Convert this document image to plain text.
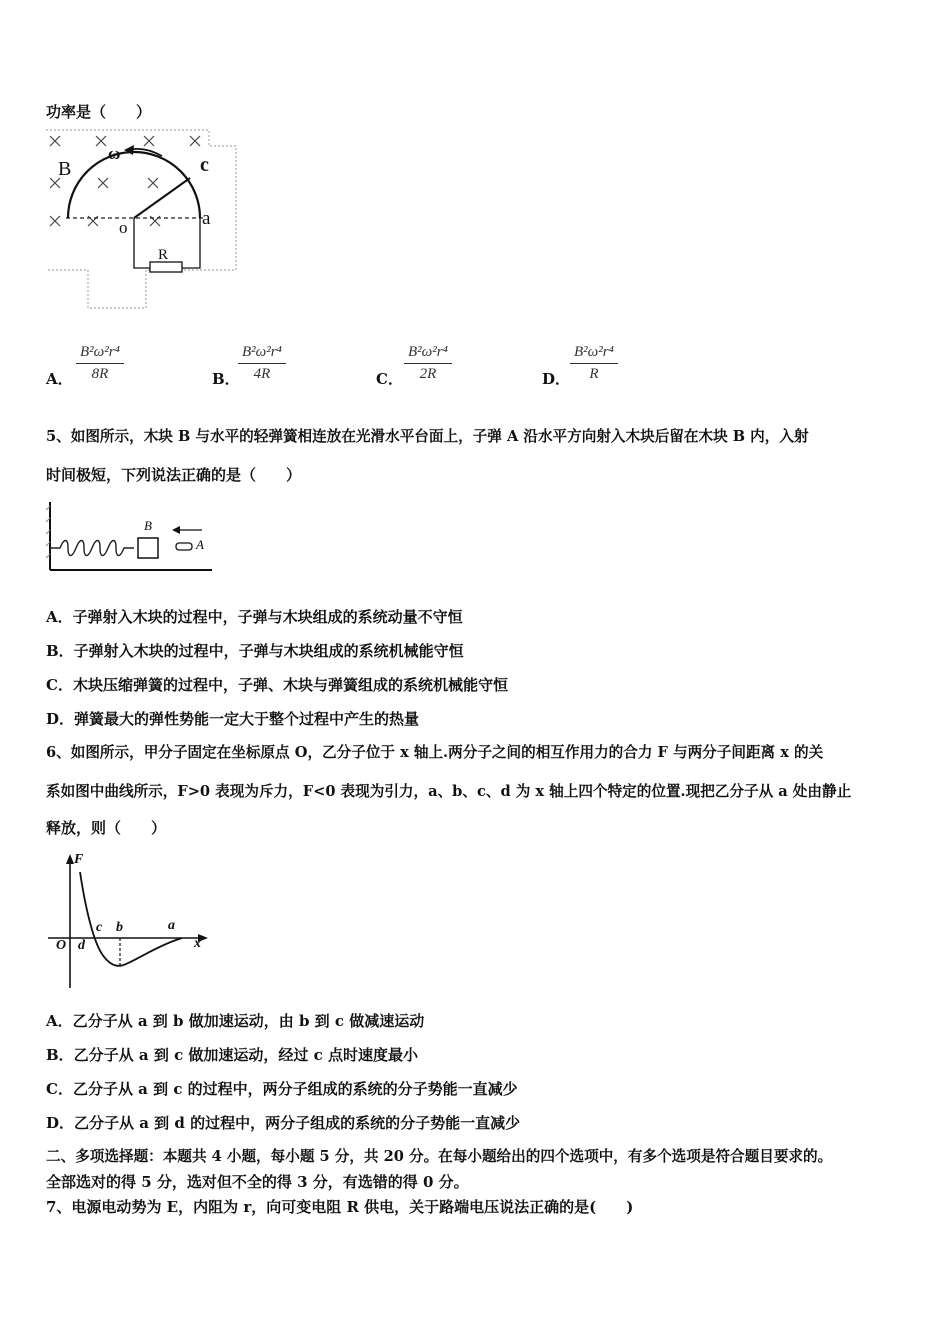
功率是（　　）
B
ω
c
o	a
R
A． $\frac{\text{B²ω²r⁴}}{8R}$	B．
$\frac{\text{B²ω²r⁴}}{4R}$	C． $\frac{\text{B²ω²r⁴}}{2R}$	D． $\frac{\text{B²ω²r⁴}}{R}$
5、如图所示，木块 B 与水平的轻弹簧相连放在光滑水平台面上，子弹 A 沿水平方向射入木块后留在木块 B 内，入射
时间极短，下列说法正确的是（　　）
B
A
A．子弹射入木块的过程中，子弹与木块组成的系统动量不守恒
B．子弹射入木块的过程中，子弹与木块组成的系统机械能守恒
C．木块压缩弹簧的过程中，子弹、木块与弹簧组成的系统机械能守恒
D．弹簧最大的弹性势能一定大于整个过程中产生的热量
6、如图所示，甲分子固定在坐标原点 O，乙分子位于 x 轴上.两分子之间的相互作用力的合力 F 与两分子间距离 x 的关
系如图中曲线所示，F>0 表现为斥力，F<0 表现为引力，a、b、c、d 为 x 轴上四个特定的位置.现把乙分子从 a 处由静止
释放，则（　　）
F
O d
c b	a
x
A．乙分子从 a 到 b 做加速运动，由 b 到 c 做减速运动
B．乙分子从 a 到 c 做加速运动，经过 c 点时速度最小
C．乙分子从 a 到 c 的过程中，两分子组成的系统的分子势能一直减少
D．乙分子从 a 到 d 的过程中，两分子组成的系统的分子势能一直减少
二、多项选择题：本题共 4 小题，每小题 5 分，共 20 分。在每小题给出的四个选项中，有多个选项是符合题目要求的。
全部选对的得 5 分，选对但不全的得 3 分，有选错的得 0 分。
7、电源电动势为 E，内阻为 r，向可变电阻 R 供电，关于路端电压说法正确的是(　　)
